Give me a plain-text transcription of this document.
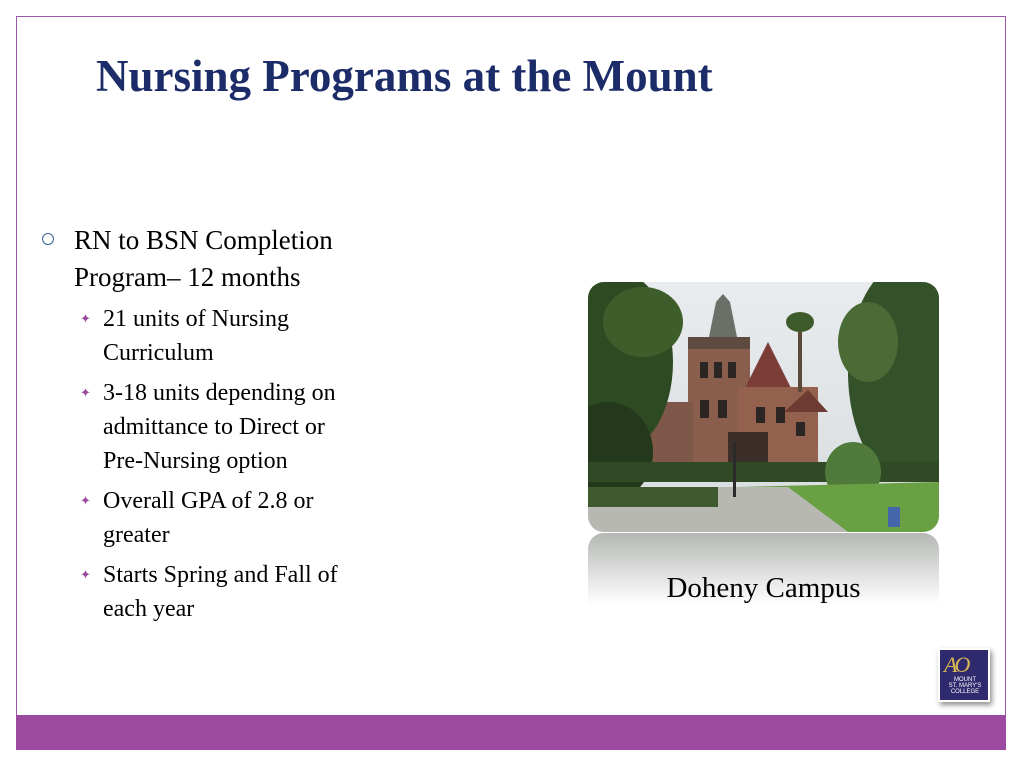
Nursing Programs at the Mount
RN to BSN Completion
Program– 12 months
✦ 21 units of Nursing
Curriculum
✦ 3-18 units depending on
admittance to Direct or
Pre-Nursing option
✦ Overall GPA of 2.8 or
greater
✦ Starts Spring and Fall of
each year
Doheny Campus
AO
MOUNT
ST. MARY'S
COLLEGE
